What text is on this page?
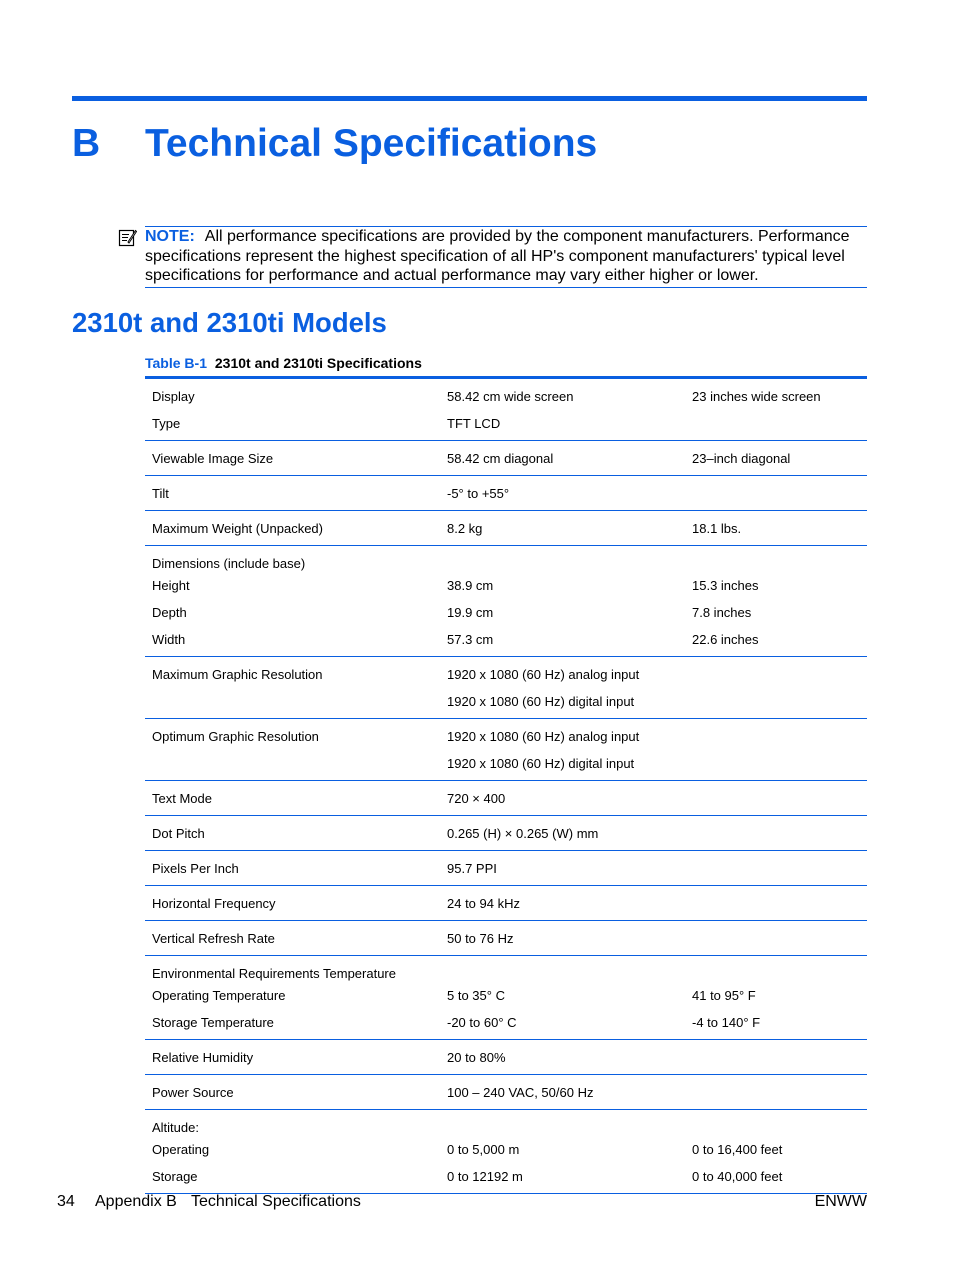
B Technical Specifications
NOTE: All performance specifications are provided by the component manufacturers. Performance specifications represent the highest specification of all HP's component manufacturers' typical level specifications for performance and actual performance may vary either higher or lower.
2310t and 2310ti Models
Table B-1 2310t and 2310ti Specifications
Display	58.42 cm wide screen	23 inches wide screen
Type	TFT LCD
Viewable Image Size	58.42 cm diagonal	23–inch diagonal
Tilt	-5° to +55°
Maximum Weight (Unpacked)	8.2 kg	18.1 lbs.
Dimensions (include base)
Height	38.9 cm	15.3 inches
Depth	19.9 cm	7.8 inches
Width	57.3 cm	22.6 inches
Maximum Graphic Resolution	1920 x 1080 (60 Hz) analog input
1920 x 1080 (60 Hz) digital input
Optimum Graphic Resolution	1920 x 1080 (60 Hz) analog input
1920 x 1080 (60 Hz) digital input
Text Mode	720 × 400
Dot Pitch	0.265 (H) × 0.265 (W) mm
Pixels Per Inch	95.7 PPI
Horizontal Frequency	24 to 94 kHz
Vertical Refresh Rate	50 to 76 Hz
Environmental Requirements Temperature
Operating Temperature	5 to 35° C	41 to 95° F
Storage Temperature	-20 to 60° C	-4 to 140° F
Relative Humidity	20 to 80%
Power Source	100 – 240 VAC, 50/60 Hz
Altitude:
Operating	0 to 5,000 m	0 to 16,400 feet
Storage	0 to 12192 m	0 to 40,000 feet
34 Appendix B Technical Specifications	ENWW
